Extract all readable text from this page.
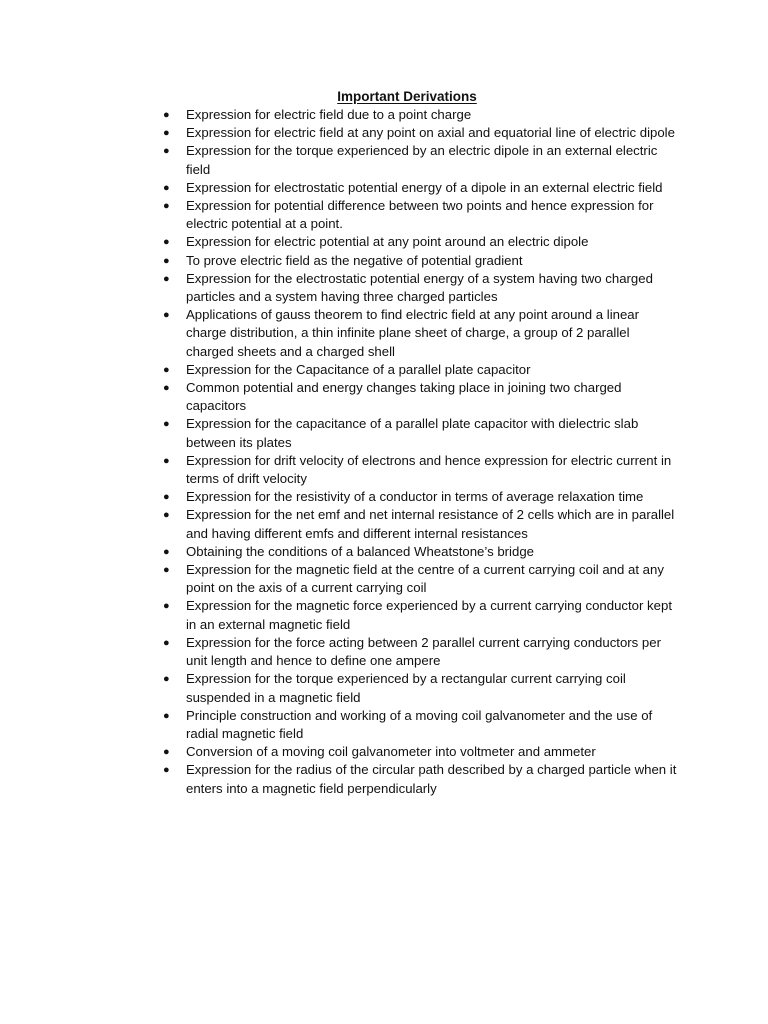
Important Derivations
● Expression for electric field due to a point charge
● Expression for electric field at any point on axial and equatorial line of electric dipole
● Expression for the torque experienced by an electric dipole in an external electric field
● Expression for electrostatic potential energy of a dipole in an external electric field
● Expression for potential difference between two points and hence expression for electric potential at a point.
● Expression for electric potential at any point around an electric dipole
● To prove electric field as the negative of potential gradient
● Expression for the electrostatic potential energy of a system having two charged particles and a system having three charged particles
● Applications of gauss theorem to find electric field at any point around a linear charge distribution, a thin infinite plane sheet of charge, a group of 2 parallel charged sheets and a charged shell
● Expression for the Capacitance of a parallel plate capacitor
● Common potential and energy changes taking place in joining two charged capacitors
● Expression for the capacitance of a parallel plate capacitor with dielectric slab between its plates
● Expression for drift velocity of electrons and hence expression for electric current in terms of drift velocity
● Expression for the resistivity of a conductor in terms of average relaxation time
● Expression for the net emf and net internal resistance of 2 cells which are in parallel and having different emfs and different internal resistances
● Obtaining the conditions of a balanced Wheatstone’s bridge
● Expression for the magnetic field at the centre of a current carrying coil and at any point on the axis of a current carrying coil
● Expression for the magnetic force experienced by a current carrying conductor kept in an external magnetic field
● Expression for the force acting between 2 parallel current carrying conductors per unit length and hence to define one ampere
● Expression for the torque experienced by a rectangular current carrying coil suspended in a magnetic field
● Principle construction and working of a moving coil galvanometer and the use of radial magnetic field
● Conversion of a moving coil galvanometer into voltmeter and ammeter
● Expression for the radius of the circular path described by a charged particle when it enters into a magnetic field perpendicularly
